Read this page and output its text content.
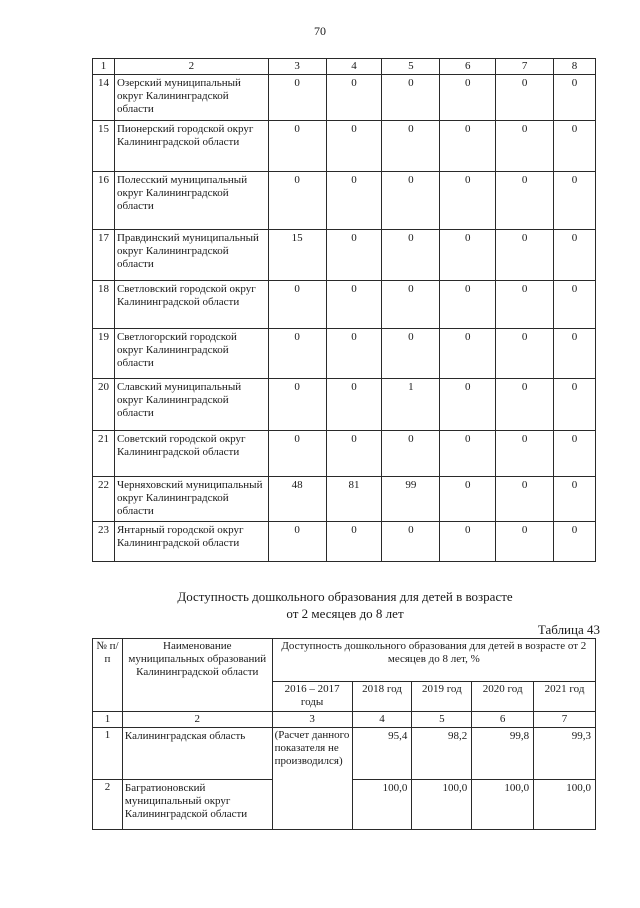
70
1	2	3	4	5	6	7	8
14	Озерский муниципальный округ Калининградской области	0	0	0	0	0	0
15	Пионерский городской округ Калининградской области	0	0	0	0	0	0
16	Полесский муниципальный округ Калининградской области	0	0	0	0	0	0
17	Правдинский муниципальный округ Калининградской области	15	0	0	0	0	0
18	Светловский городской округ Калининградской области	0	0	0	0	0	0
19	Светлогорский городской округ Калининградской области	0	0	0	0	0	0
20	Славский муниципальный округ Калининградской области	0	0	1	0	0	0
21	Советский городской округ Калининградской области	0	0	0	0	0	0
22	Черняховский муниципальный округ Калининградской области	48	81	99	0	0	0
23	Янтарный городской округ Калининградской области	0	0	0	0	0	0
Доступность дошкольного образования для детей в возрасте
от 2 месяцев до 8 лет
Таблица 43
№ п/п	Наименование муниципальных образований Калининградской области	Доступность дошкольного образования для детей в возрасте от 2 месяцев до 8 лет, %				
		2016 – 2017 годы	2018 год	2019 год	2020 год	2021 год
1	2	3	4	5	6	7
1	Калининградская область	(Расчет данного показателя не производился)	95,4	98,2	99,8	99,3
2	Багратионовский муниципальный округ Калининградской области		100,0	100,0	100,0	100,0
